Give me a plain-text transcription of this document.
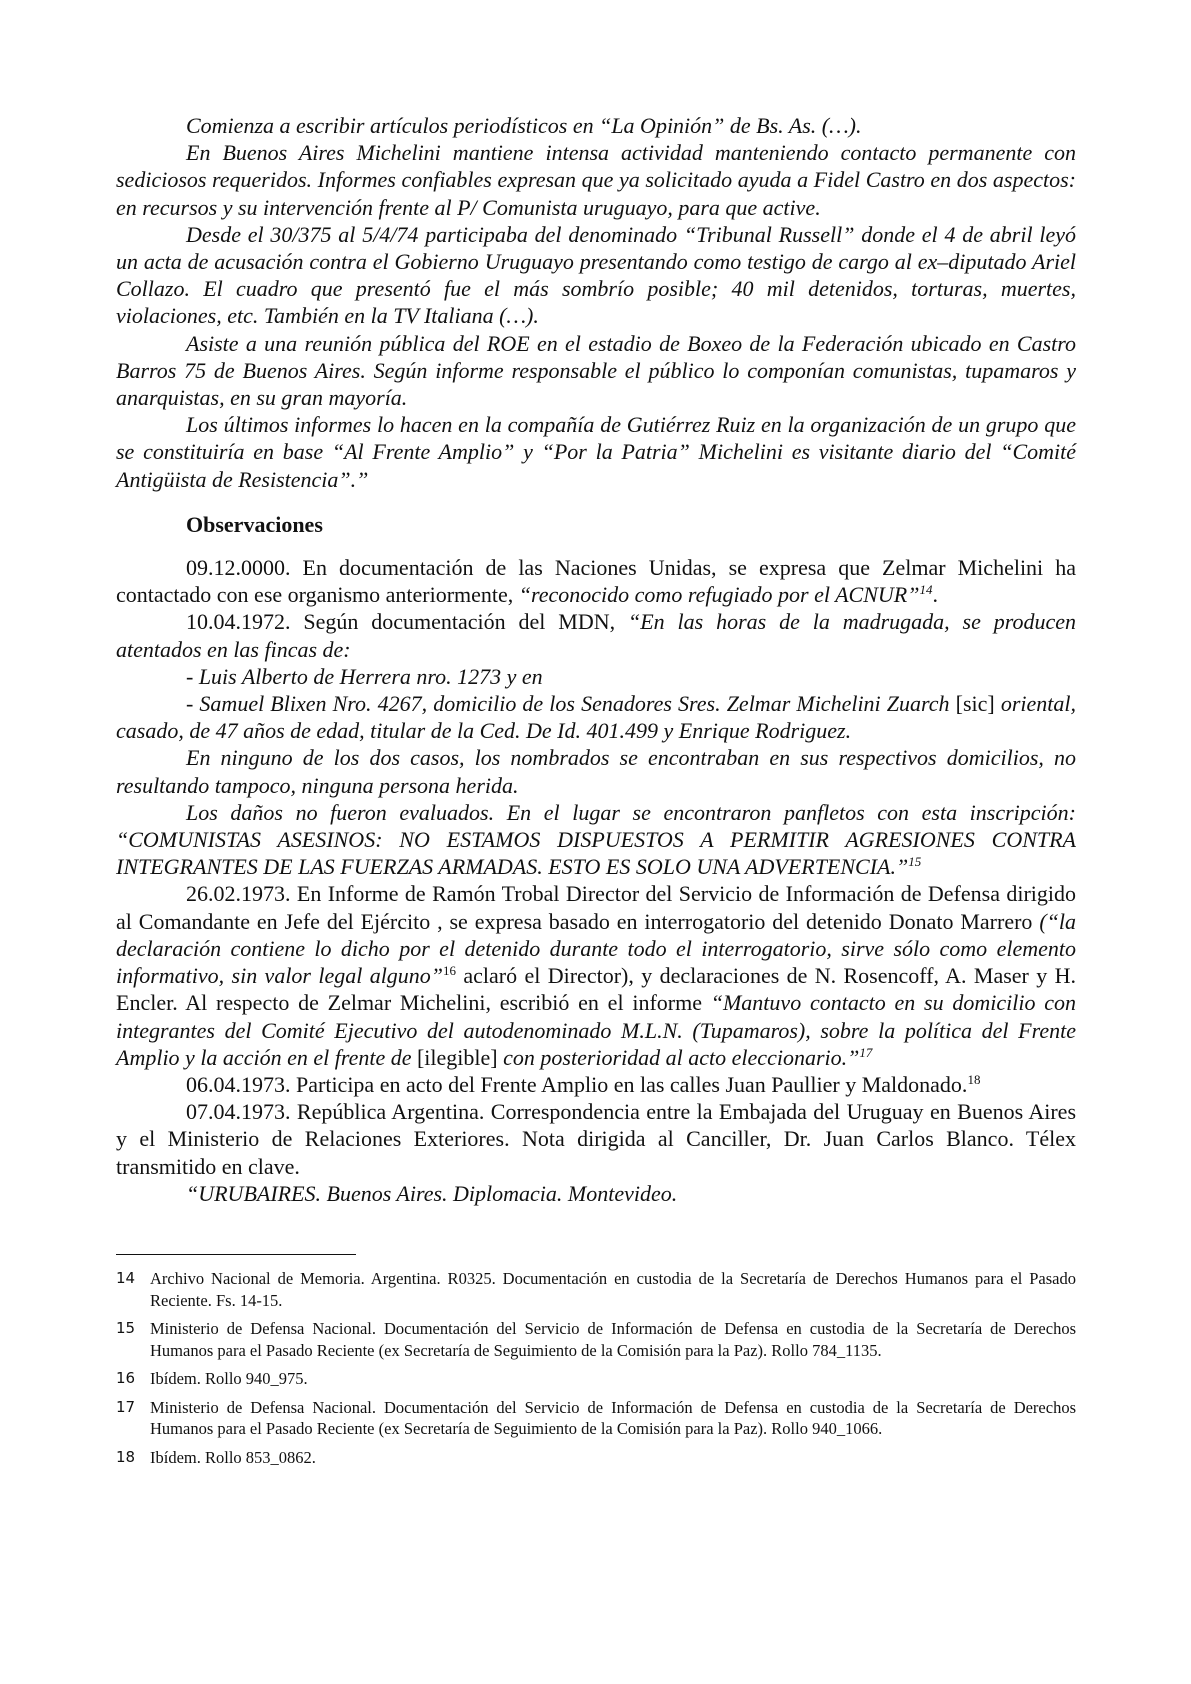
Comienza a escribir artículos periodísticos en “La Opinión” de Bs. As. (…).

En Buenos Aires Michelini mantiene intensa actividad manteniendo contacto permanente con sediciosos requeridos. Informes confiables expresan que ya solicitado ayuda a Fidel Castro en dos aspectos: en recursos y su intervención frente al P/ Comunista uruguayo, para que active.

Desde el 30/375 al 5/4/74 participaba del denominado “Tribunal Russell” donde el 4 de abril leyó un acta de acusación contra el Gobierno Uruguayo presentando como testigo de cargo al ex–diputado Ariel Collazo. El cuadro que presentó fue el más sombrío posible; 40 mil detenidos, torturas, muertes, violaciones, etc. También en la TV Italiana (…).

Asiste a una reunión pública del ROE en el estadio de Boxeo de la Federación ubicado en Castro Barros 75 de Buenos Aires. Según informe responsable el público lo componían comunistas, tupamaros y anarquistas, en su gran mayoría.

Los últimos informes lo hacen en la compañía de Gutiérrez Ruiz en la organización de un grupo que se constituiría en base “Al Frente Amplio” y “Por la Patria” Michelini es visitante diario del “Comité Antigüista de Resistencia”.”

Observaciones

09.12.0000. En documentación de las Naciones Unidas, se expresa que Zelmar Michelini ha contactado con ese organismo anteriormente, “reconocido como refugiado por el ACNUR”$^{14}$.

10.04.1972. Según documentación del MDN, “En las horas de la madrugada, se producen atentados en las fincas de:

- Luis Alberto de Herrera nro. 1273 y en

- Samuel Blixen Nro. 4267, domicilio de los Senadores Sres. Zelmar Michelini Zuarch [sic] oriental, casado, de 47 años de edad, titular de la Ced. De Id. 401.499 y Enrique Rodriguez.

En ninguno de los dos casos, los nombrados se encontraban en sus respectivos domicilios, no resultando tampoco, ninguna persona herida.

Los daños no fueron evaluados. En el lugar se encontraron panfletos con esta inscripción: “COMUNISTAS ASESINOS: NO ESTAMOS DISPUESTOS A PERMITIR AGRESIONES CONTRA INTEGRANTES DE LAS FUERZAS ARMADAS. ESTO ES SOLO UNA ADVERTENCIA.”$^{15}$

26.02.1973. En Informe de Ramón Trobal Director del Servicio de Información de Defensa dirigido al Comandante en Jefe del Ejército , se expresa basado en interrogatorio del detenido Donato Marrero (“la declaración contiene lo dicho por el detenido durante todo el interrogatorio, sirve sólo como elemento informativo, sin valor legal alguno”$^{16}$ aclaró el Director), y declaraciones de N. Rosencoff, A. Maser y H. Encler. Al respecto de Zelmar Michelini, escribió en el informe “Mantuvo contacto en su domicilio con integrantes del Comité Ejecutivo del autodenominado M.L.N. (Tupamaros), sobre la política del Frente Amplio y la acción en el frente de [ilegible] con posterioridad al acto eleccionario.”$^{17}$

06.04.1973. Participa en acto del Frente Amplio en las calles Juan Paullier y Maldonado.$^{18}$

07.04.1973. República Argentina. Correspondencia entre la Embajada del Uruguay en Buenos Aires y el Ministerio de Relaciones Exteriores. Nota dirigida al Canciller, Dr. Juan Carlos Blanco. Télex transmitido en clave.

“URUBAIRES. Buenos Aires. Diplomacia. Montevideo.

14 Archivo Nacional de Memoria. Argentina. R0325. Documentación en custodia de la Secretaría de Derechos Humanos para el Pasado Reciente. Fs. 14-15.
15 Ministerio de Defensa Nacional. Documentación del Servicio de Información de Defensa en custodia de la Secretaría de Derechos Humanos para el Pasado Reciente (ex Secretaría de Seguimiento de la Comisión para la Paz). Rollo 784_1135.
16 Ibídem. Rollo 940_975.
17 Ministerio de Defensa Nacional. Documentación del Servicio de Información de Defensa en custodia de la Secretaría de Derechos Humanos para el Pasado Reciente (ex Secretaría de Seguimiento de la Comisión para la Paz). Rollo 940_1066.
18 Ibídem. Rollo 853_0862.
